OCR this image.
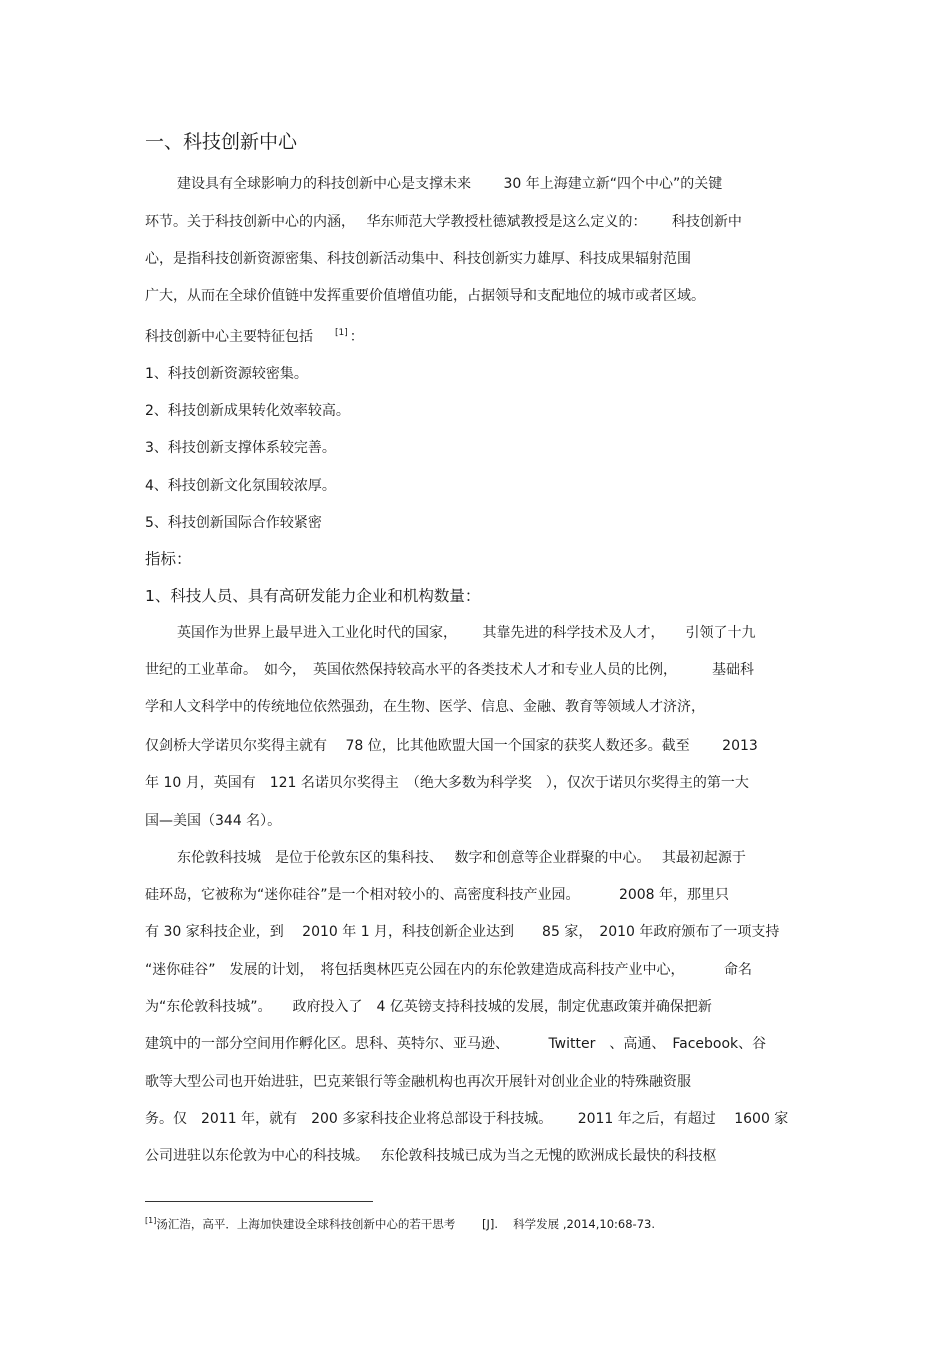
一、科技创新中心
建设具有全球影响力的科技创新中心是支撑未来　　 30 年上海建立新“四个中心”的关键
环节。关于科技创新中心的内涵，　 华东师范大学教授杜德斌教授是这么定义的：　　 科技创新中
心，是指科技创新资源密集、科技创新活动集中、科技创新实力雄厚、科技成果辐射范围
广大，从而在全球价值链中发挥重要价值增值功能，占据领导和支配地位的城市或者区域。
科技创新中心主要特征包括 [1] ：
1、科技创新资源较密集。
2、科技创新成果转化效率较高。
3、科技创新支撑体系较完善。
4、科技创新文化氛围较浓厚。
5、科技创新国际合作较紧密
指标：
1、科技人员、具有高研发能力企业和机构数量：
英国作为世界上最早进入工业化时代的国家，　　 其靠先进的科学技术及人才，　　引领了十九
世纪的工业革命。　如今，　英国依然保持较高水平的各类技术人才和专业人员的比例，　　　基础科
学和人文科学中的传统地位依然强劲，在生物、医学、信息、金融、教育等领域人才济济，
仅剑桥大学诺贝尔奖得主就有　 78 位，比其他欧盟大国一个国家的获奖人数还多。截至　　 2013
年 10 月，英国有　121 名诺贝尔奖得主　（绝大多数为科学奖　），仅次于诺贝尔奖得主的第一大
国—美国（344 名）。
东伦敦科技城　是位于伦敦东区的集科技、　 数字和创意等企业群聚的中心。　 其最初起源于
硅环岛，它被称为“迷你硅谷”是一个相对较小的、高密度科技产业园。　　　 2008 年，那里只
有 30 家科技企业，到　 2010 年 1 月，科技创新企业达到　　85 家，　2010 年政府颁布了一项支持
“迷你硅谷”　发展的计划，　将包括奥林匹克公园在内的东伦敦建造成高科技产业中心，　　　 命名
为“东伦敦科技城”。　　政府投入了　4 亿英镑支持科技城的发展，制定优惠政策并确保把新
建筑中的一部分空间用作孵化区。思科、英特尔、亚马逊、　　　 Twitter　、高通、　Facebook、谷
歌等大型公司也开始进驻，巴克莱银行等金融机构也再次开展针对创业企业的特殊融资服
务。仅　2011 年，就有　200 多家科技企业将总部设于科技城。　　 2011 年之后，有超过　 1600 家
公司进驻以东伦敦为中心的科技城。　 东伦敦科技城已成为当之无愧的欧洲成长最快的科技枢
[1]汤汇浩，高平．上海加快建设全球科技创新中心的若干思考　　 [J].　 科学发展 ,2014,10:68-73.
